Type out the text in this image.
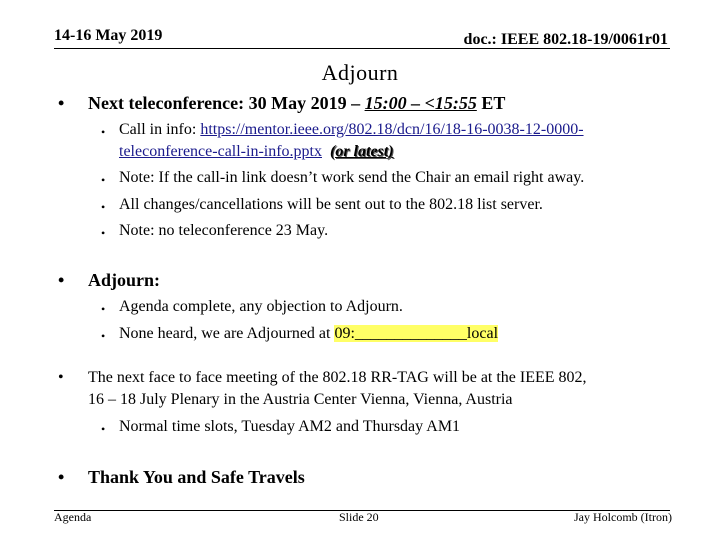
14-16 May 2019	doc.: IEEE 802.18-19/0061r01
Adjourn
• Next teleconference: 30 May 2019 – 15:00 – <15:55 ET
• Call in info: https://mentor.ieee.org/802.18/dcn/16/18-16-0038-12-0000-
teleconference-call-in-info.pptx (or latest)
• Note: If the call-in link doesn’t work send the Chair an email right away.
• All changes/cancellations will be sent out to the 802.18 list server.
• Note: no teleconference 23 May.
• Adjourn:
• Agenda complete, any objection to Adjourn.
• None heard, we are Adjourned at 09:______________local
• The next face to face meeting of the 802.18 RR-TAG will be at the IEEE 802,
16 – 18 July Plenary in the Austria Center Vienna, Vienna, Austria
• Normal time slots, Tuesday AM2 and Thursday AM1
• Thank You and Safe Travels
Agenda	Slide 20	Jay Holcomb (Itron)
